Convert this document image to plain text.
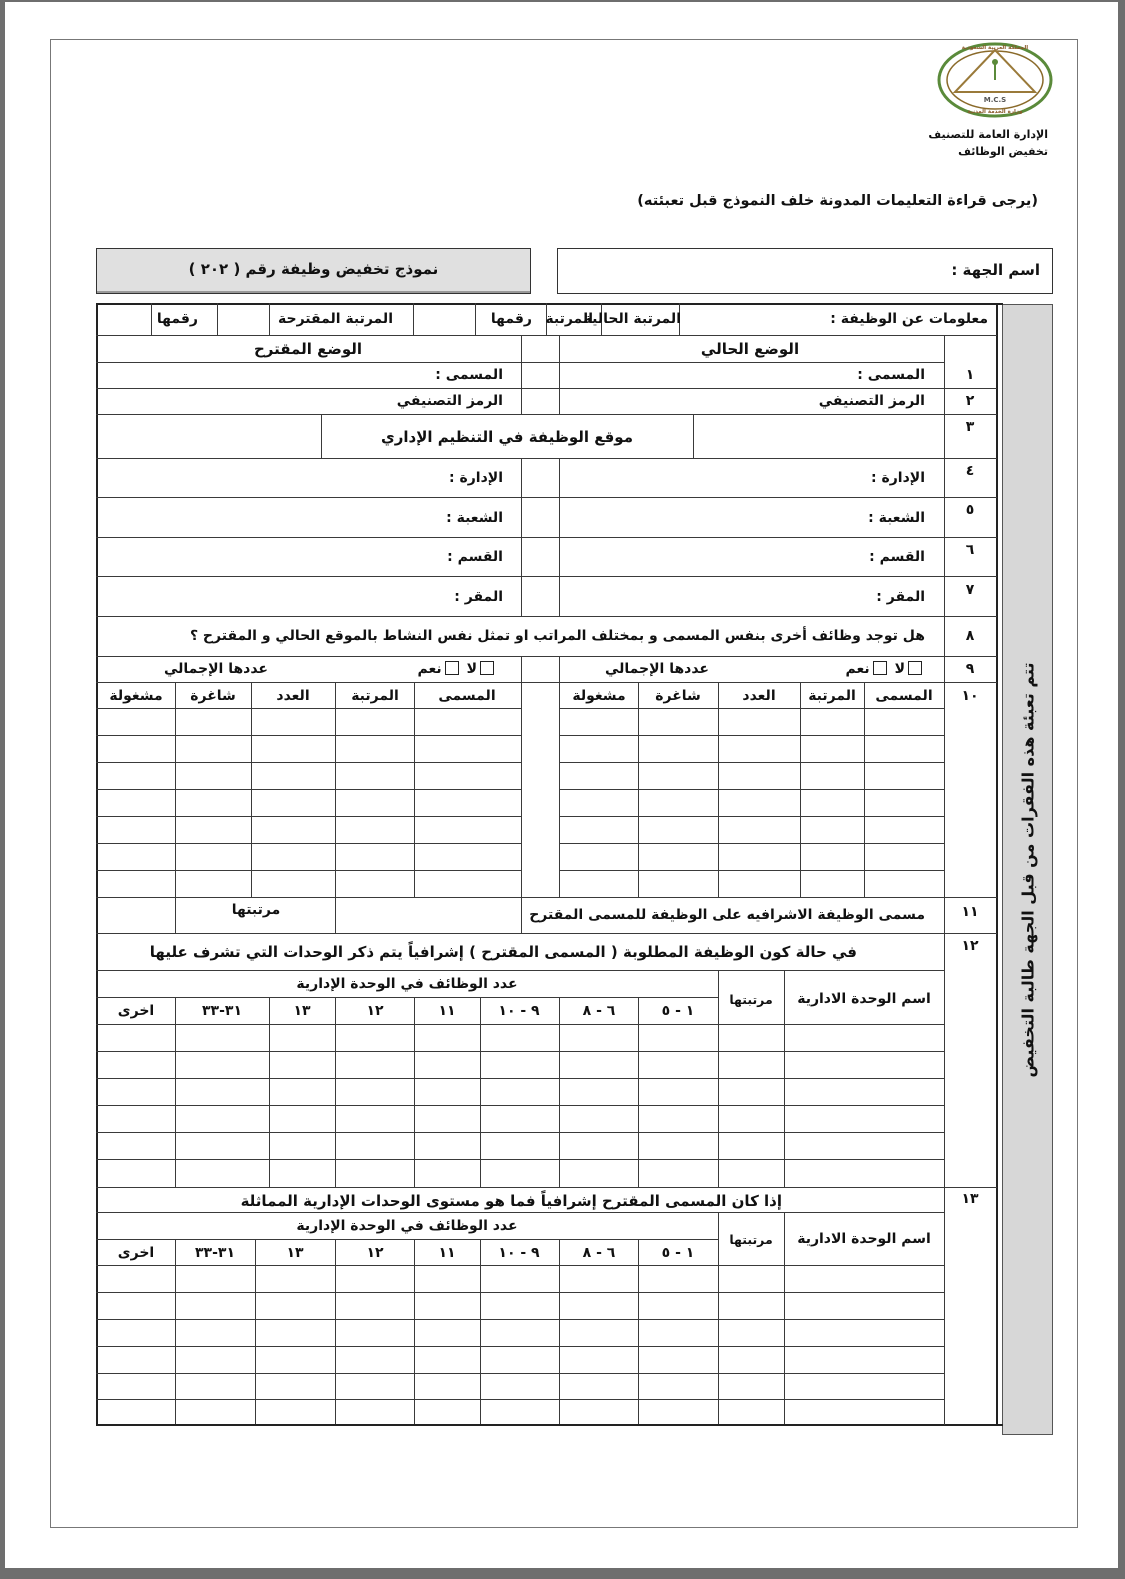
M.C.S
المملكة العربية السعودية
وزارة الخدمة المدنية
الإدارة العامة للتصنيف
تخفيض الوظائف
(يرجى قراءة التعليمات المدونة خلف النموذج قبل تعبئته)
اسم الجهة :
نموذج تخفيض وظيفة رقم ( ٢٠٢ )
تتم تعبئة هذه الفقرات من قبل الجهة طالبة التخفيض
معلومات عن الوظيفة :
المرتبة الحالية
المرتبة
رقمها
المرتبة المقترحة
رقمها
الوضع الحالي
الوضع المقترح
١
المسمى :
المسمى :
٢
الرمز التصنيفي
الرمز التصنيفي
٣
موقع الوظيفة في التنظيم الإداري
٤
الإدارة :
الإدارة :
٥
الشعبة :
الشعبة :
٦
القسم :
القسم :
٧
المقر :
المقر :
٨
هل توجد وظائف أخرى بنفس المسمى و بمختلف المراتب او تمثل نفس النشاط بالموقع الحالي و المقترح ؟
٩
لا نعم
عددها الإجمالي
لا نعم
عددها الإجمالي
١٠
المسمى
المرتبة
العدد
شاغرة
مشغولة
المسمى
المرتبة
العدد
شاغرة
مشغولة
١١
مسمى الوظيفة الاشرافيه على الوظيفة للمسمى المقترح
مرتبتها
١٢
في حالة كون الوظيفة المطلوبة ( المسمى المقترح ) إشرافياً يتم ذكر الوحدات التي تشرف عليها
اسم الوحدة الادارية
مرتبتها
عدد الوظائف في الوحدة الإدارية
١ - ٥
٦ - ٨
٩ - ١٠
١١
١٢
١٣
٣١-٣٣
اخرى
١٣
إذا كان المسمى المقترح إشرافياً فما هو مستوى الوحدات الإدارية المماثلة
اسم الوحدة الادارية
مرتبتها
عدد الوظائف في الوحدة الإدارية
١ - ٥
٦ - ٨
٩ - ١٠
١١
١٢
١٣
٣١-٣٣
اخرى
